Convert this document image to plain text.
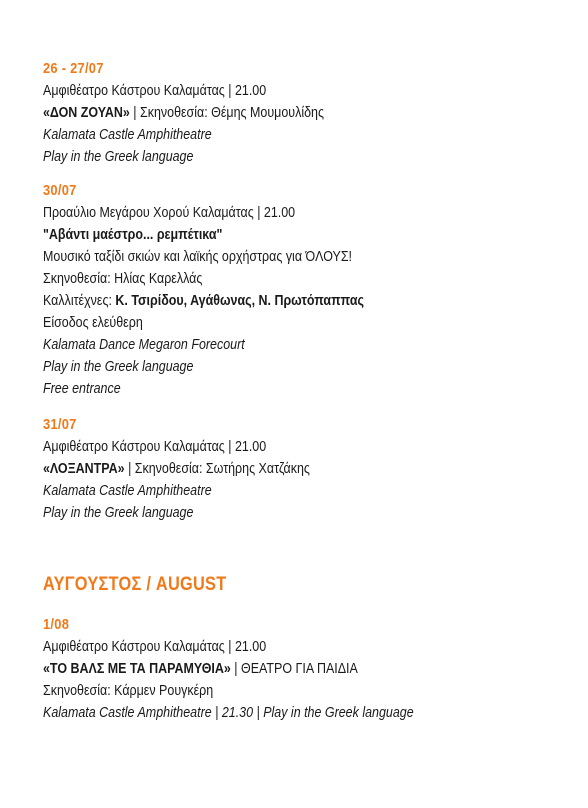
26 - 27/07
Αμφιθέατρο Κάστρου Καλαμάτας | 21.00
«ΔΟΝ ΖΟΥΑΝ» | Σκηνοθεσία: Θέμης Μουμουλίδης
Kalamata Castle Amphitheatre
Play in the Greek language
30/07
Προαύλιο Μεγάρου Χορού Καλαμάτας | 21.00
"Αβάντι μαέστρο... ρεμπέτικα"
Μουσικό ταξίδι σκιών και λαϊκής ορχήστρας για ΌΛΟΥΣ!
Σκηνοθεσία: Ηλίας Καρελλάς
Καλλιτέχνες: Κ. Τσιρίδου, Αγάθωνας, Ν. Πρωτόπαππας
Είσοδος ελεύθερη
Kalamata Dance Megaron Forecourt
Play in the Greek language
Free entrance
31/07
Αμφιθέατρο Κάστρου Καλαμάτας | 21.00
«ΛΟΞΑΝΤΡΑ» | Σκηνοθεσία: Σωτήρης Χατζάκης
Kalamata Castle Amphitheatre
Play in the Greek language
ΑΥΓΟΥΣΤΟΣ / AUGUST
1/08
Αμφιθέατρο Κάστρου Καλαμάτας | 21.00
«ΤΟ ΒΑΛΣ ΜΕ ΤΑ ΠΑΡΑΜΥΘΙΑ» | ΘΕΑΤΡΟ ΓΙΑ ΠΑΙΔΙΑ
Σκηνοθεσία: Κάρμεν Ρουγκέρη
Kalamata Castle Amphitheatre | 21.30 | Play in the Greek language
